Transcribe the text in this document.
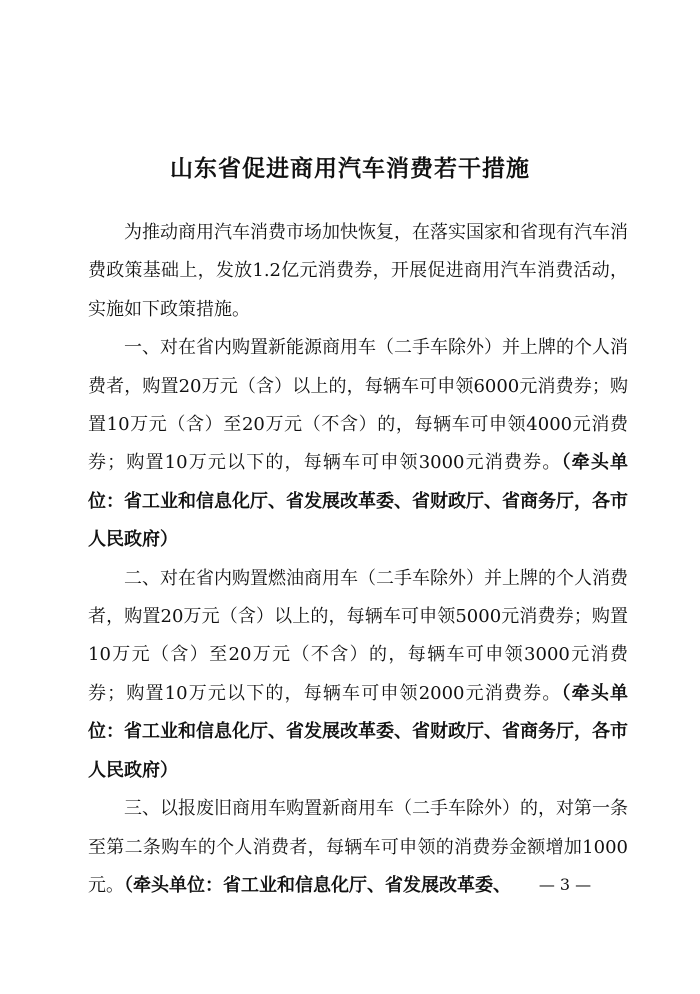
山东省促进商用汽车消费若干措施

为推动商用汽车消费市场加快恢复，在落实国家和省现有汽车消费政策基础上，发放1.2亿元消费券，开展促进商用汽车消费活动，实施如下政策措施。

一、对在省内购置新能源商用车（二手车除外）并上牌的个人消费者，购置20万元（含）以上的，每辆车可申领6000元消费券；购置10万元（含）至20万元（不含）的，每辆车可申领4000元消费券；购置10万元以下的，每辆车可申领3000元消费券。（牵头单位：省工业和信息化厅、省发展改革委、省财政厅、省商务厅，各市人民政府）

二、对在省内购置燃油商用车（二手车除外）并上牌的个人消费者，购置20万元（含）以上的，每辆车可申领5000元消费券；购置10万元（含）至20万元（不含）的，每辆车可申领3000元消费券；购置10万元以下的，每辆车可申领2000元消费券。（牵头单位：省工业和信息化厅、省发展改革委、省财政厅、省商务厅，各市人民政府）

三、以报废旧商用车购置新商用车（二手车除外）的，对第一条至第二条购车的个人消费者，每辆车可申领的消费券金额增加1000元。（牵头单位：省工业和信息化厅、省发展改革委、	— 3 —
